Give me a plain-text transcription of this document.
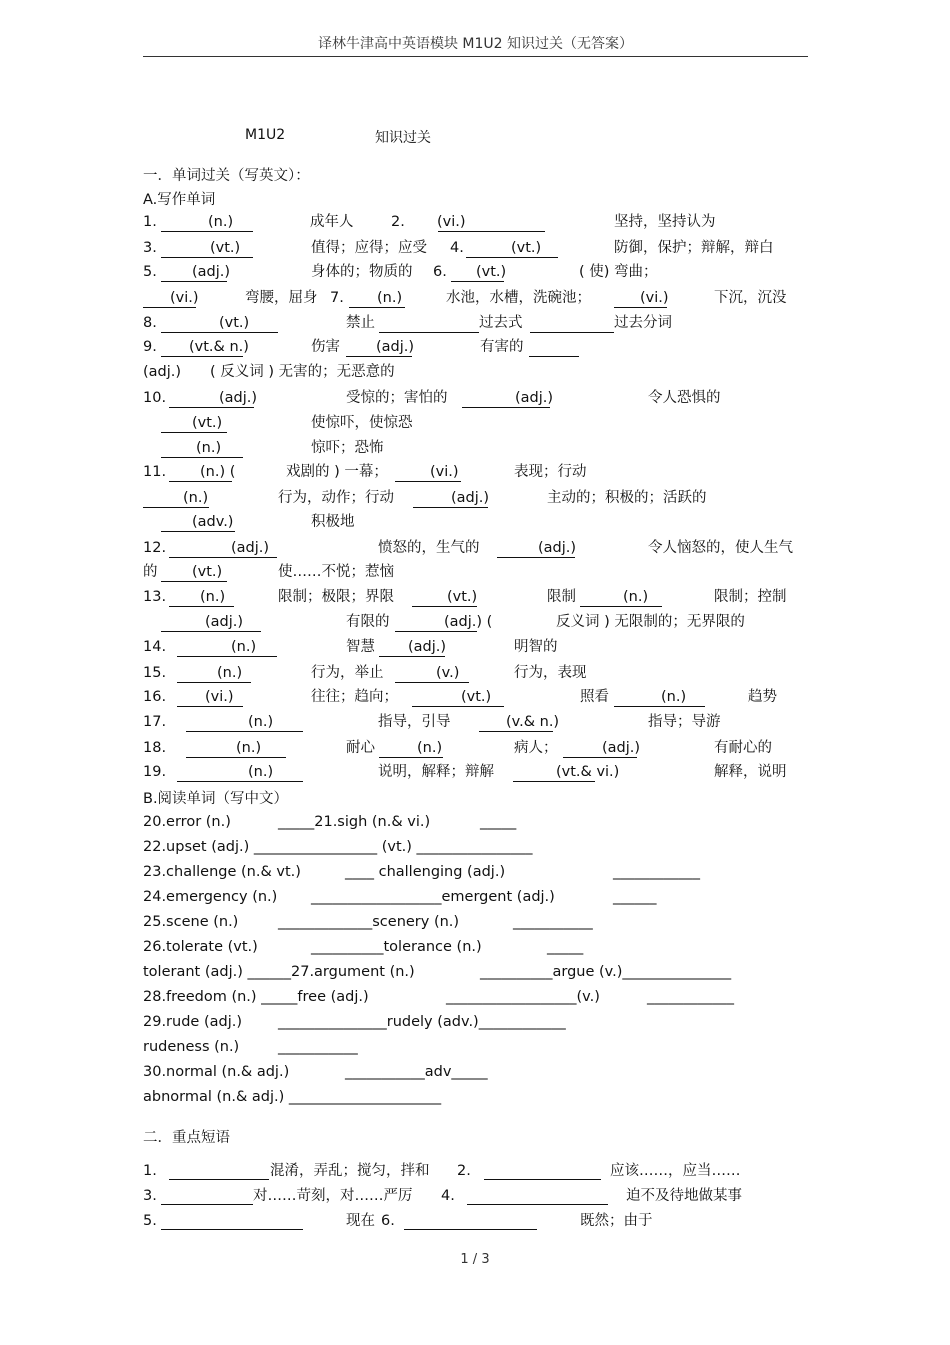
译林牛津高中英语模块 M1U2 知识过关（无答案）
M1U2	知识过关
一．单词过关（写英文）：
A.写作单词
1.	(n.)	成年人	2. (vi.)	坚持，坚持认为
3.	(vt.)	值得；应得；应受 4.	(vt.)	防御，保护；辩解，辩白
5. (adj.)	身体的；物质的 6. (vt.)	( 使) 弯曲；
(vi.)	弯腰，屈身 7. (n.)	水池，水槽，洗碗池；	(vi.)	下沉，沉没
8.	(vt.)	禁止	过去式	过去分词
9. (vt.& n.)	伤害 (adj.)	有害的
(adj.) ( 反义词 ) 无害的；无恶意的
10.	(adj.)	受惊的；害怕的	(adj.)	令人恐惧的
(vt.)	使惊吓，使惊恐
(n.)	惊吓；恐怖
11. (n.) (	戏剧的 ) 一幕；	(vi.)	表现；行动
(n.)	行为，动作；行动	(adj.)	主动的；积极的；活跃的
(adv.)	积极地
12.	(adj.)	愤怒的，生气的	(adj.)	令人恼怒的，使人生气
的 (vt.)	使……不悦；惹恼
13. (n.)	限制；极限；界限	(vt.)	限制	(n.)	限制；控制
(adj.)	有限的	(adj.) (	反义词 ) 无限制的；无界限的
14.	(n.)	智慧 (adj.)	明智的
15.	(n.)	行为，举止	(v.)	行为，表现
16.	(vi.)	往往；趋向；	(vt.)	照看	(n.)	趋势
17.	(n.)	指导，引导	(v.& n.)	指导；导游
18.	(n.)	耐心	(n.)	病人；	(adj.)	有耐心的
19.	(n.)	说明，解释；辩解	(vt.& vi.)	解释，说明
B.阅读单词（写中文）
20.error (n.)	_____21.sigh (n.& vi.)	_____
22.upset (adj.) _________________ (vt.) ________________
23.challenge (n.& vt.)	____ challenging (adj.)	____________
24.emergency (n.) __________________emergent (adj.)	______
25.scene (n.)	_____________scenery (n.)	___________
26.tolerate (vt.)	__________tolerance (n.)	_____
tolerant (adj.) ______27.argument (n.)	__________argue (v.)_______________
28.freedom (n.) _____free (adj.)	__________________(v.)	____________
29.rude (adj.) _______________rudely (adv.)____________
rudeness (n.)	___________
30.normal (n.& adj.)	___________adv_____
abnormal (n.& adj.) _____________________
二．重点短语
1.	混淆，弄乱；搅匀，拌和 2.	应该……，应当……
3.	对……苛刻，对……严厉 4.	迫不及待地做某事
5.	现在 6.	既然；由于
1 / 3
